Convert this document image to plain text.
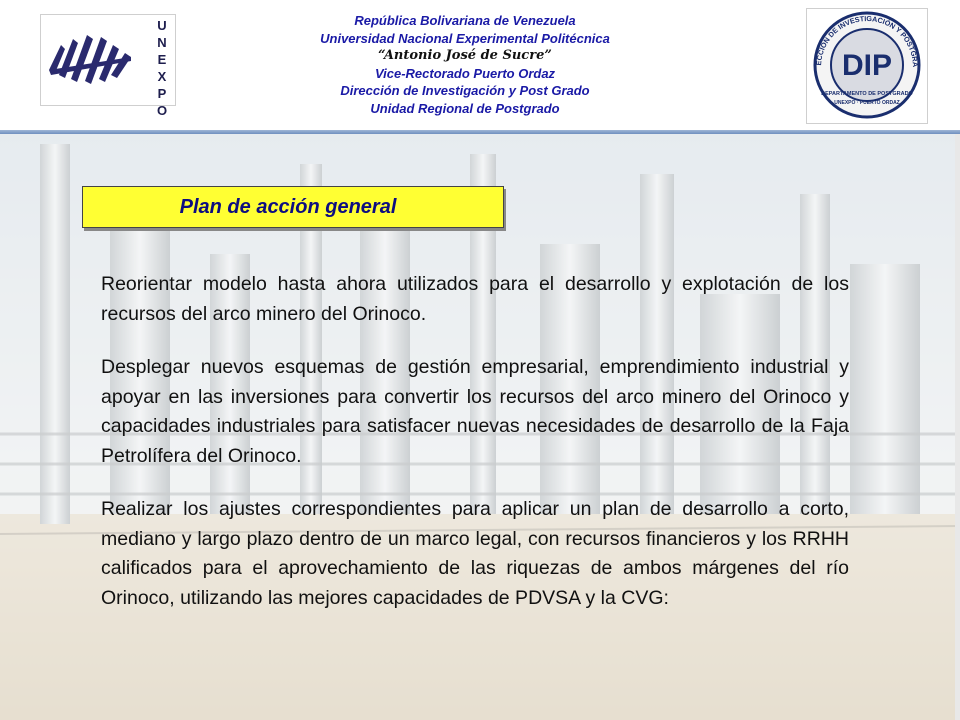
U
N
E
X
P
O
República Bolivariana de Venezuela
Universidad Nacional Experimental Politécnica
“Antonio José de Sucre”
Vice-Rectorado Puerto Ordaz
Dirección de Investigación y Post Grado
Unidad Regional de Postgrado
ECCIÓN DE INVESTIGACIÓN Y POSTGRA
DIP
DEPARTAMENTO DE POSTGRADO
UNEXPO · PUERTO ORDAZ
Plan de acción general

Reorientar modelo hasta ahora utilizados para el desarrollo y explotación de los recursos del arco minero del Orinoco.

Desplegar nuevos esquemas de gestión empresarial, emprendimiento industrial y apoyar en las inversiones para convertir los recursos del arco minero del Orinoco y capacidades industriales para satisfacer nuevas necesidades de desarrollo de la Faja Petrolífera del Orinoco.

Realizar los ajustes correspondientes para aplicar un plan de desarrollo a corto, mediano y largo plazo dentro de un marco legal, con recursos financieros y los RRHH calificados para el aprovechamiento de las riquezas de ambos márgenes del río Orinoco, utilizando las mejores capacidades de PDVSA y la CVG:
